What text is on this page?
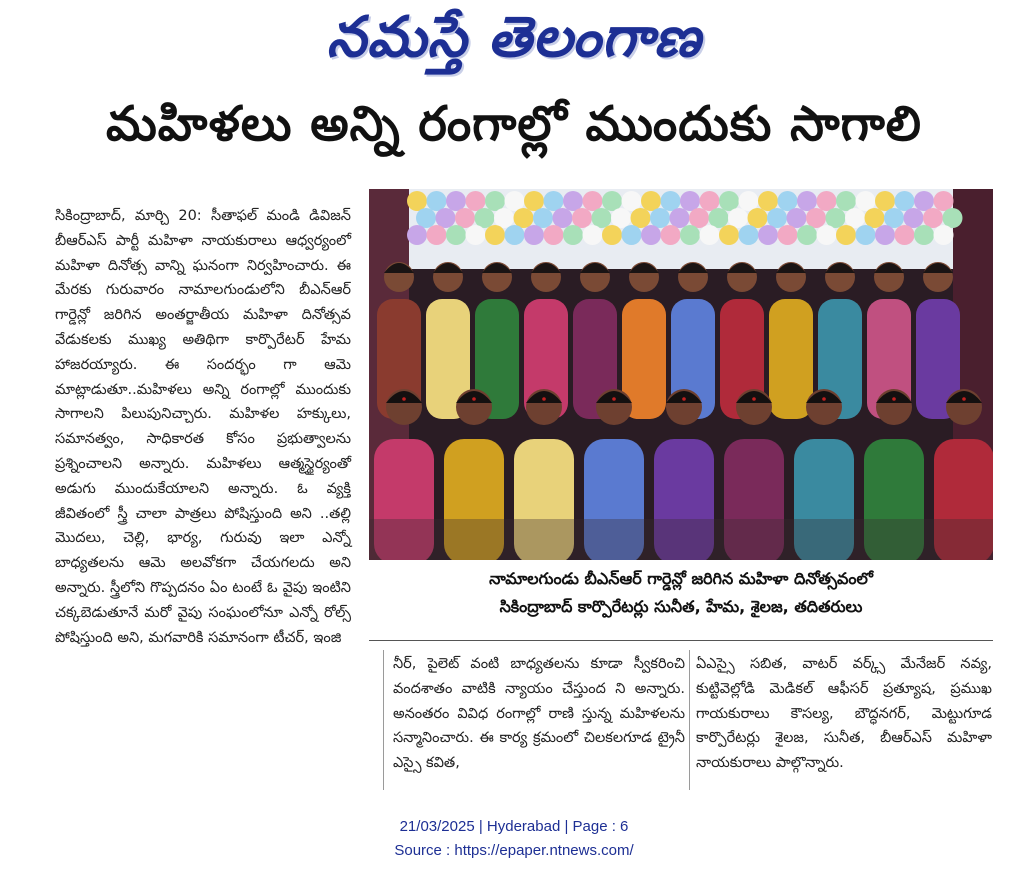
నమస్తే తెలంగాణ
మహిళలు అన్ని రంగాల్లో ముందుకు సాగాలి
సికింద్రాబాద్, మార్చి 20: సీతాఫల్ మండి డివిజన్ బీఆర్ఎస్ పార్టీ మహిళా నాయకురాలు ఆధ్వర్యంలో మహిళా దినోత్స వాన్ని ఘనంగా నిర్వహించారు. ఈ మేరకు గురువారం నామాలగుండులోని బీఎన్ఆర్ గార్డెన్లో జరిగిన అంతర్జాతీయ మహిళా దినోత్సవ వేడుకలకు ముఖ్య అతిథిగా కార్పొరేటర్ హేమ హాజరయ్యారు. ఈ సందర్భం గా ఆమె మాట్లాడుతూ..మహిళలు అన్ని రంగాల్లో ముందుకు సాగాలని పిలుపునిచ్చారు. మహిళల హక్కులు, సమానత్వం, సాధికారత కోసం ప్రభుత్వాలను ప్రశ్నించాలని అన్నారు. మహిళలు ఆత్మస్థైర్యంతో అడుగు ముందుకేయాలని అన్నారు. ఓ వ్యక్తి జీవితంలో స్త్రీ చాలా పాత్రలు పోషిస్తుంది అని ..తల్లి మొదలు, చెల్లి, భార్య, గురువు ఇలా ఎన్నో బాధ్యతలను ఆమె అలవోకగా చేయగలదు అని అన్నారు. స్త్రీలోని గొప్పదనం ఏం టంటే ఓ వైపు ఇంటిని చక్కబెడుతూనే మరో వైపు సంఘంలోనూ ఎన్నో రోల్స్ పోషిస్తుంది అని, మగవారికి సమానంగా టీచర్, ఇంజి
నామాలగుండు బీఎన్ఆర్ గార్డెన్లో జరిగిన మహిళా దినోత్సవంలో
సికింద్రాబాద్ కార్పొరేటర్లు సునీత, హేమ, శైలజ, తదితరులు
నీర్, పైలెట్ వంటి బాధ్యతలను కూడా స్వీకరించి వందశాతం వాటికి న్యాయం చేస్తుంద ని అన్నారు. అనంతరం వివిధ రంగాల్లో రాణి స్తున్న మహిళలను సన్మానించారు. ఈ కార్య క్రమంలో చిలకలగూడ ట్రైనీ ఎస్సై కవిత,
ఏఎస్సై సబిత, వాటర్ వర్క్స్ మేనేజర్ నవ్య, కుట్టివెల్లోడి మెడికల్ ఆఫీసర్ ప్రత్యూష, ప్రముఖ గాయకురాలు కౌసల్య, బౌద్ధనగర్, మెట్టుగూడ కార్పొరేటర్లు శైలజ, సునీత, బీఆర్ఎస్ మహిళా నాయకురాలు పాల్గొన్నారు.
21/03/2025 | Hyderabad | Page : 6
Source : https://epaper.ntnews.com/
